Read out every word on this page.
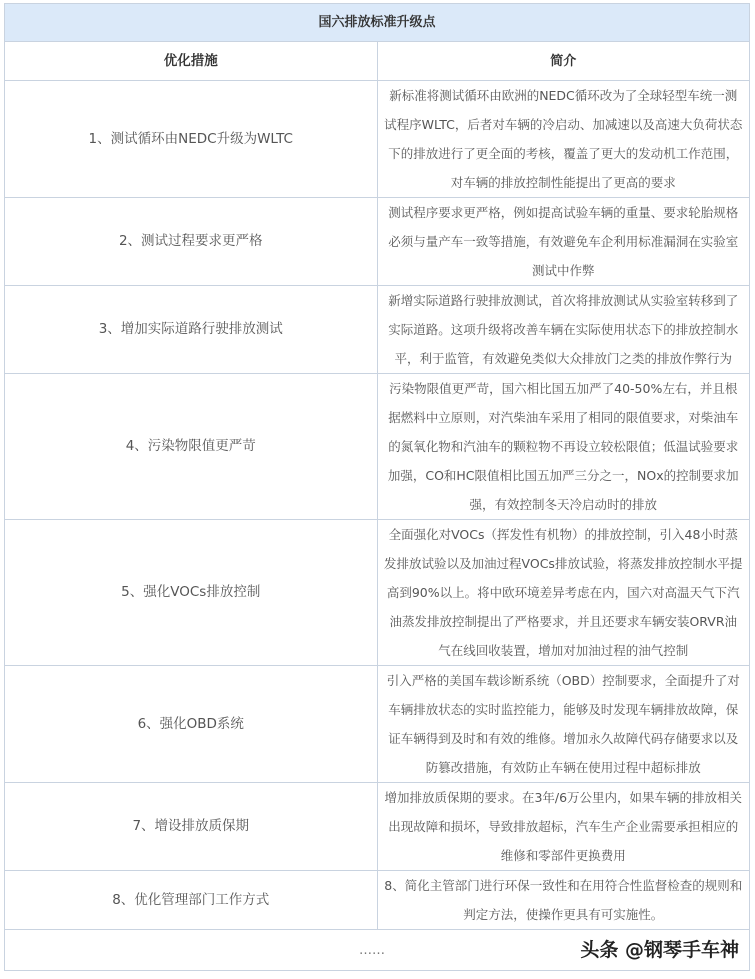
国六排放标准升级点	
优化措施	简介
1、测试循环由NEDC升级为WLTC	新标准将测试循环由欧洲的NEDC循环改为了全球轻型车统一测试程序WLTC，后者对车辆的冷启动、加减速以及高速大负荷状态下的排放进行了更全面的考核，覆盖了更大的发动机工作范围，对车辆的排放控制性能提出了更高的要求
2、测试过程要求更严格	测试程序要求更严格，例如提高试验车辆的重量、要求轮胎规格必须与量产车一致等措施，有效避免车企利用标准漏洞在实验室测试中作弊
3、增加实际道路行驶排放测试	新增实际道路行驶排放测试，首次将排放测试从实验室转移到了实际道路。这项升级将改善车辆在实际使用状态下的排放控制水平，利于监管，有效避免类似大众排放门之类的排放作弊行为
4、污染物限值更严苛	污染物限值更严苛，国六相比国五加严了40-50%左右，并且根据燃料中立原则，对汽柴油车采用了相同的限值要求，对柴油车的氮氧化物和汽油车的颗粒物不再设立较松限值；低温试验要求加强，CO和HC限值相比国五加严三分之一，NOx的控制要求加强，有效控制冬天冷启动时的排放
5、强化VOCs排放控制	全面强化对VOCs（挥发性有机物）的排放控制，引入48小时蒸发排放试验以及加油过程VOCs排放试验，将蒸发排放控制水平提高到90%以上。将中欧环境差异考虑在内，国六对高温天气下汽油蒸发排放控制提出了严格要求，并且还要求车辆安装ORVR油气在线回收装置，增加对加油过程的油气控制
6、强化OBD系统	引入严格的美国车载诊断系统（OBD）控制要求，全面提升了对车辆排放状态的实时监控能力，能够及时发现车辆排放故障，保证车辆得到及时和有效的维修。增加永久故障代码存储要求以及防篡改措施，有效防止车辆在使用过程中超标排放
7、增设排放质保期	增加排放质保期的要求。在3年/6万公里内，如果车辆的排放相关出现故障和损坏，导致排放超标，汽车生产企业需要承担相应的维修和零部件更换费用
8、优化管理部门工作方式	8、简化主管部门进行环保一致性和在用符合性监督检查的规则和判定方法，使操作更具有可实施性。

…… 头条 @钢琴手车神	
